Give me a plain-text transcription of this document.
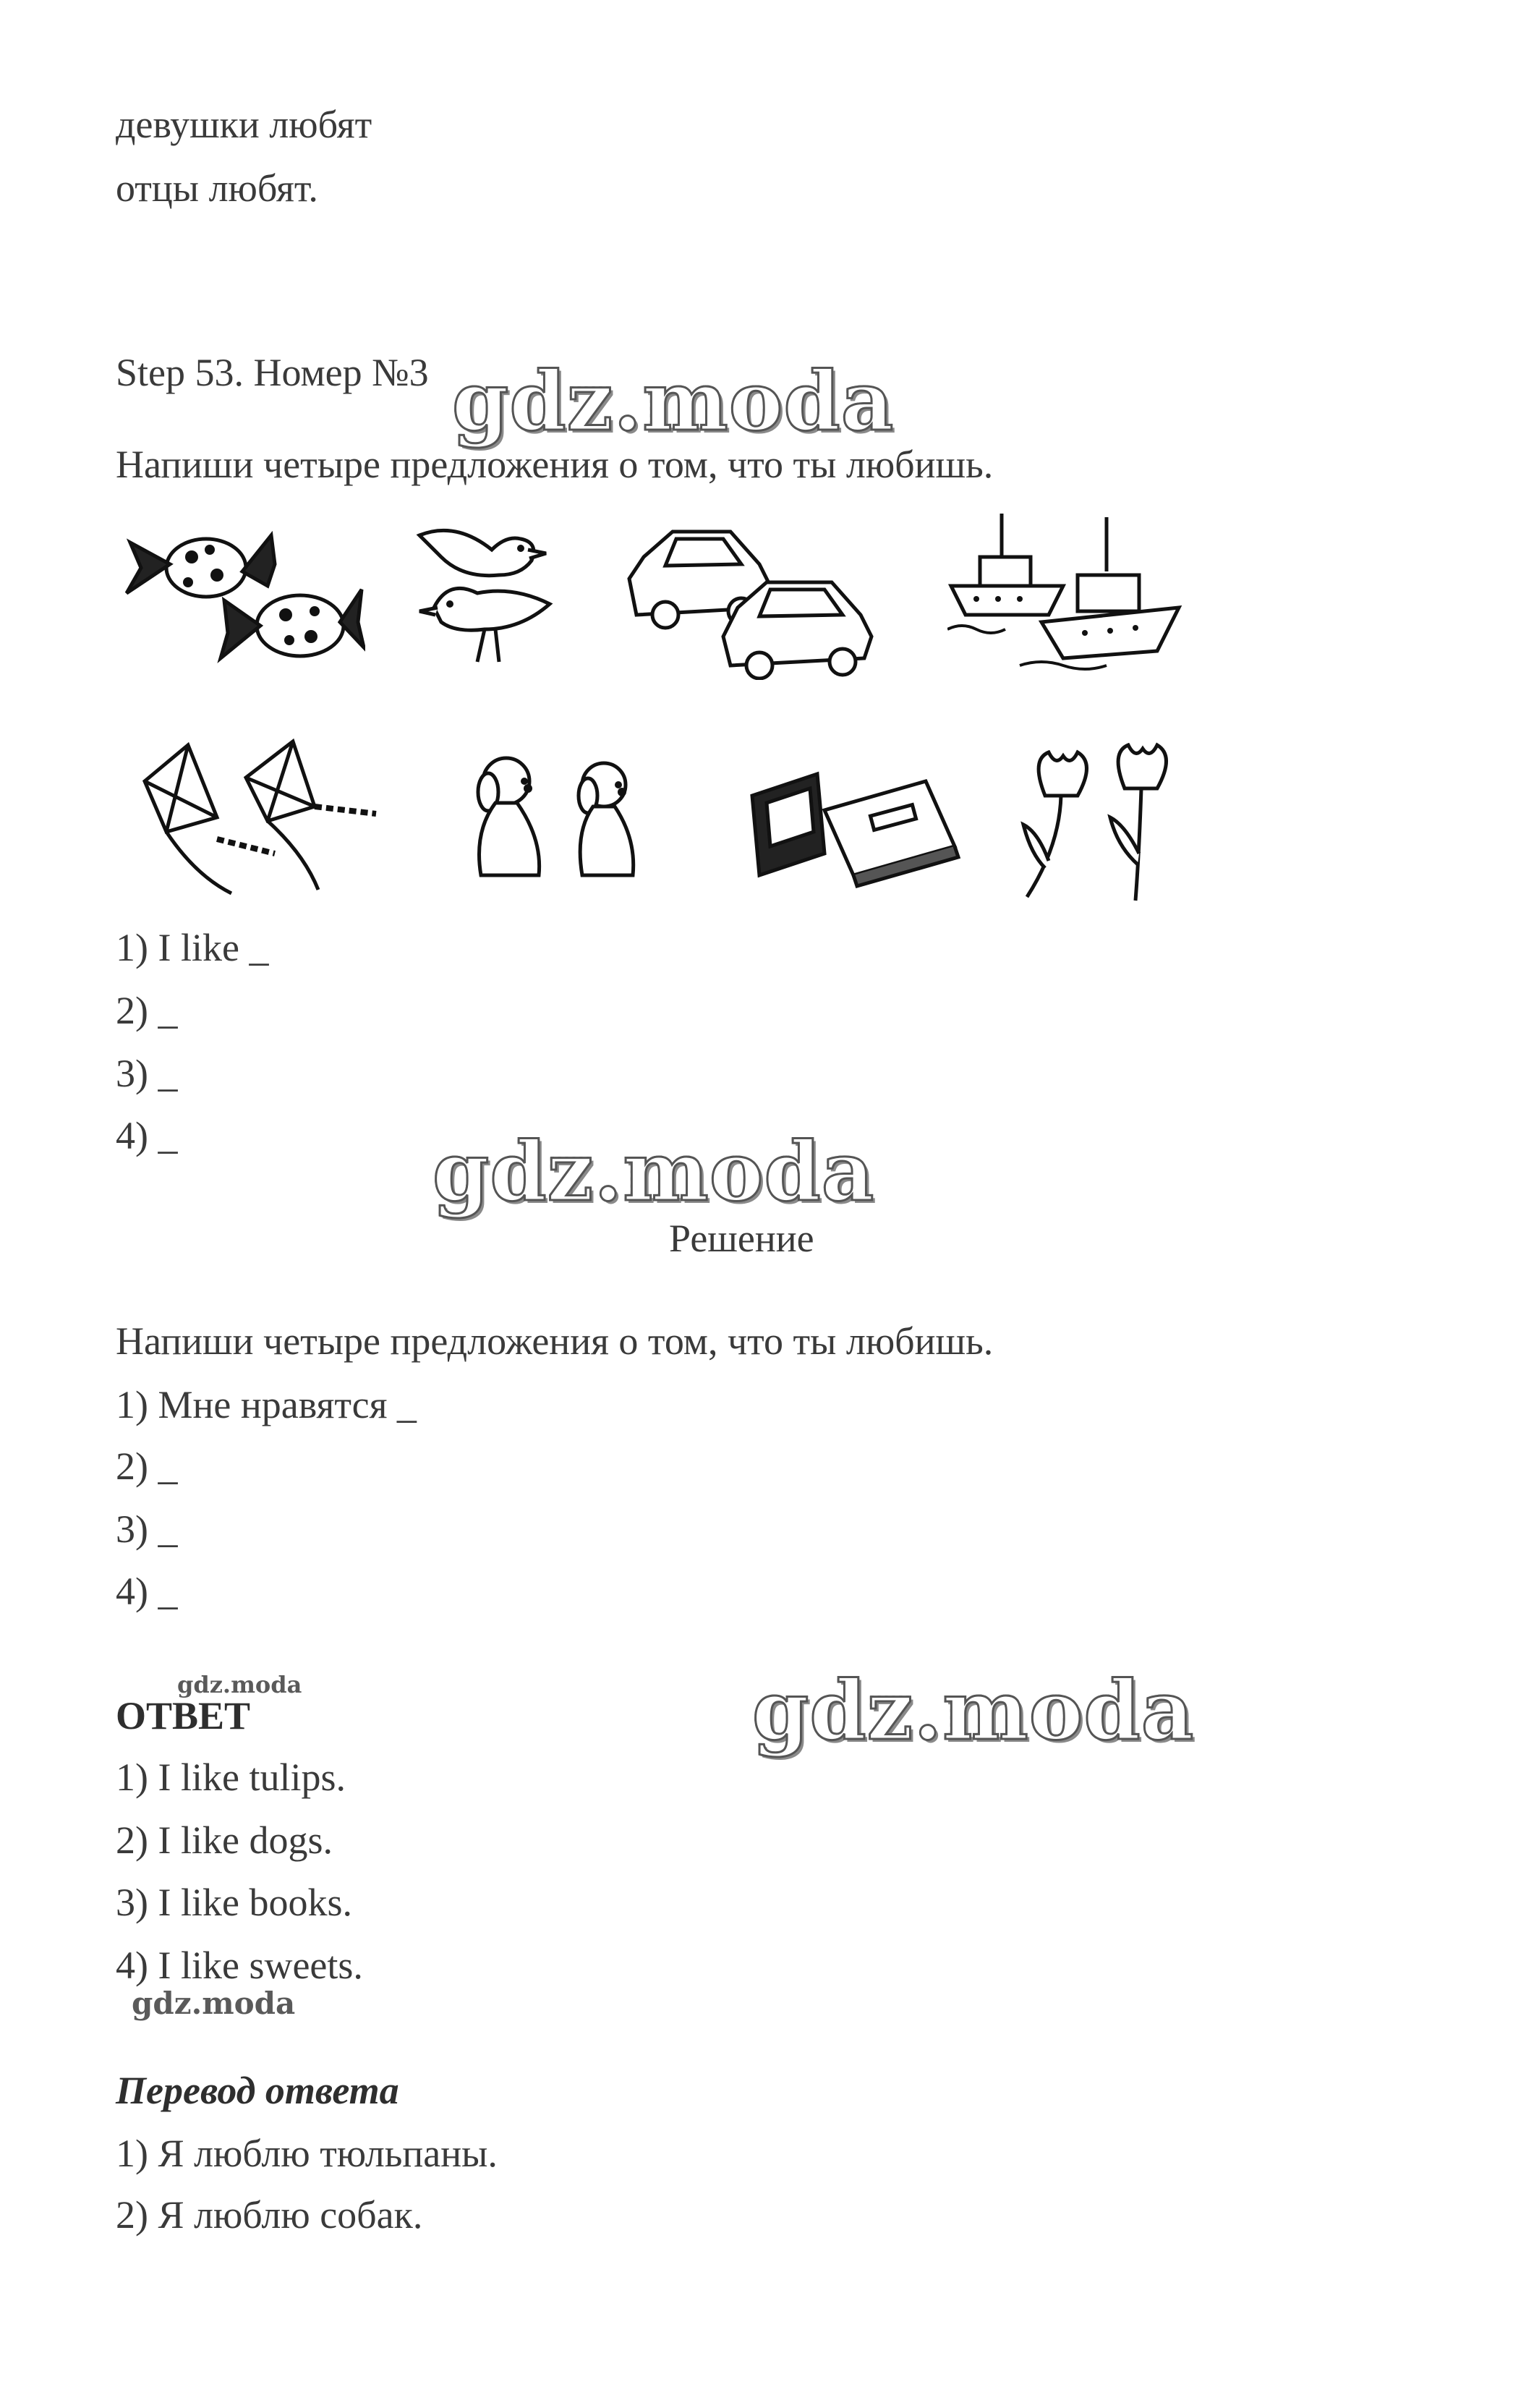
девушки любят
отцы любят.
Step 53. Номер №3 gdz.moda
Напиши четыре предложения о том, что ты любишь.
1) I like _
2) _
3) _
4) _	gdz.moda
Решение
Напиши четыре предложения о том, что ты любишь.
1) Мне нравятся _
2) _
3) _
4) _
gdz.moda
ОТВЕТ	gdz.moda
1) I like tulips.
2) I like dogs.
3) I like books.
4) I like sweets.
gdz.moda
Перевод ответа
1) Я люблю тюльпаны.
2) Я люблю собак.
